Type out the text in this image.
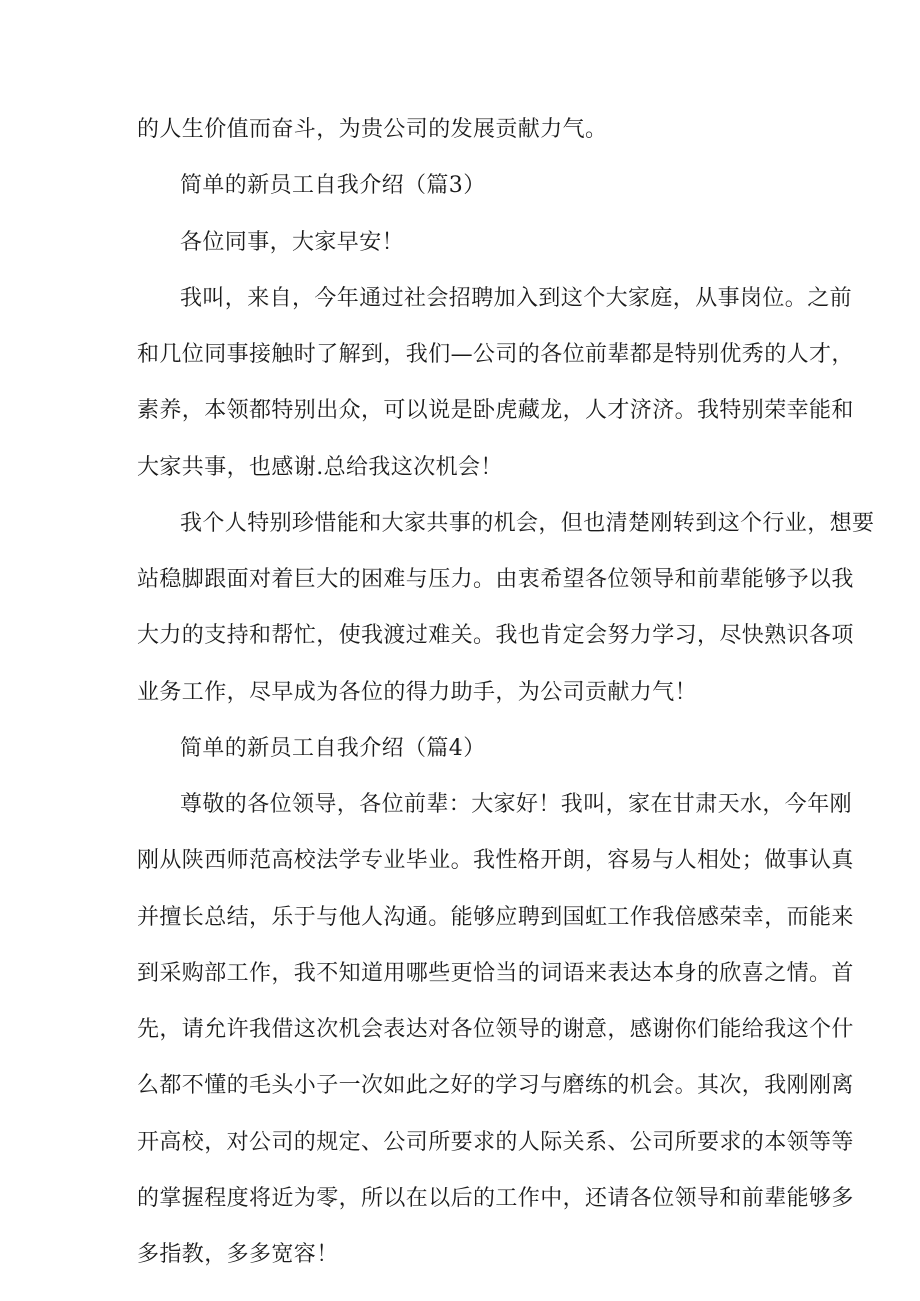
的人生价值而奋斗，为贵公司的发展贡献力气。
简单的新员工自我介绍（篇3）
各位同事，大家早安！
我叫，来自，今年通过社会招聘加入到这个大家庭，从事岗位。之前
和几位同事接触时了解到，我们—公司的各位前辈都是特别优秀的人才，
素养，本领都特别出众，可以说是卧虎藏龙，人才济济。我特别荣幸能和
大家共事，也感谢.总给我这次机会！
我个人特别珍惜能和大家共事的机会，但也清楚刚转到这个行业，想要
站稳脚跟面对着巨大的困难与压力。由衷希望各位领导和前辈能够予以我
大力的支持和帮忙，使我渡过难关。我也肯定会努力学习，尽快熟识各项
业务工作，尽早成为各位的得力助手，为公司贡献力气！
简单的新员工自我介绍（篇4）
尊敬的各位领导，各位前辈：大家好！我叫，家在甘肃天水，今年刚
刚从陕西师范高校法学专业毕业。我性格开朗，容易与人相处；做事认真
并擅长总结，乐于与他人沟通。能够应聘到国虹工作我倍感荣幸，而能来
到采购部工作，我不知道用哪些更恰当的词语来表达本身的欣喜之情。首
先，请允许我借这次机会表达对各位领导的谢意，感谢你们能给我这个什
么都不懂的毛头小子一次如此之好的学习与磨练的机会。其次，我刚刚离
开高校，对公司的规定、公司所要求的人际关系、公司所要求的本领等等
的掌握程度将近为零，所以在以后的工作中，还请各位领导和前辈能够多
多指教，多多宽容！
